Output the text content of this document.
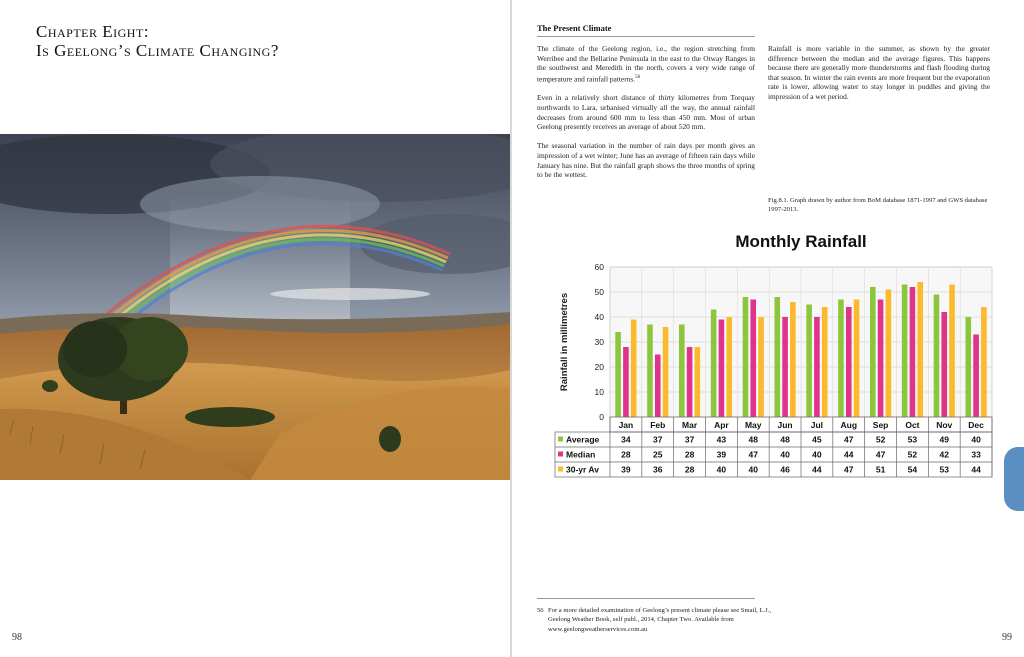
Chapter Eight:
Is Geelong’s Climate Changing?
98
The Present Climate

The climate of the Geelong region, i.e., the region stretching from Werribee and the Bellarine Peninsula in the east to the Otway Ranges in the southwest and Meredith in the north, covers a very wide range of temperature and rainfall patterns.$^{56}$

Even in a relatively short distance of thirty kilometres from Torquay northwards to Lara, urbanised virtually all the way, the annual rainfall decreases from around 600 mm to less than 450 mm. Most of urban Geelong presently receives an average of about 520 mm.

The seasonal variation in the number of rain days per month gives an impression of a wet winter; June has an average of fifteen rain days while January has nine. But the rainfall graph shows the three months of spring to be the wettest.

Rainfall is more variable in the summer, as shown by the greater difference between the median and the average figures. This happens because there are generally more thunderstorms and flash flooding during that season. In winter the rain events are more frequent but the evaporation rate is lower, allowing water to stay longer in puddles and giving the impression of a wet period.

Fig.8.1. Graph drawn by author from BoM database 1871-1997 and GWS database 1997-2013.
Monthly Rainfall
Rainfall in millimetres
0
10
20
30
40
50
60
Jan Feb Mar Apr May Jun Jul Aug Sep Oct Nov Dec
Average	34	37	37	43	48	48	45	47	52	53	49	40
Median	28	25	28	39	47	40	40	44	47	52	42	33
30-yr Av	39	36	28	40	40	46	44	47	51	54	53	44
56 For a more detailed examination of Geelong’s present climate please see Smail, L.J., Geelong Weather Book, self publ., 2014, Chapter Two. Available from www.geelongweatherservices.com.au
99
